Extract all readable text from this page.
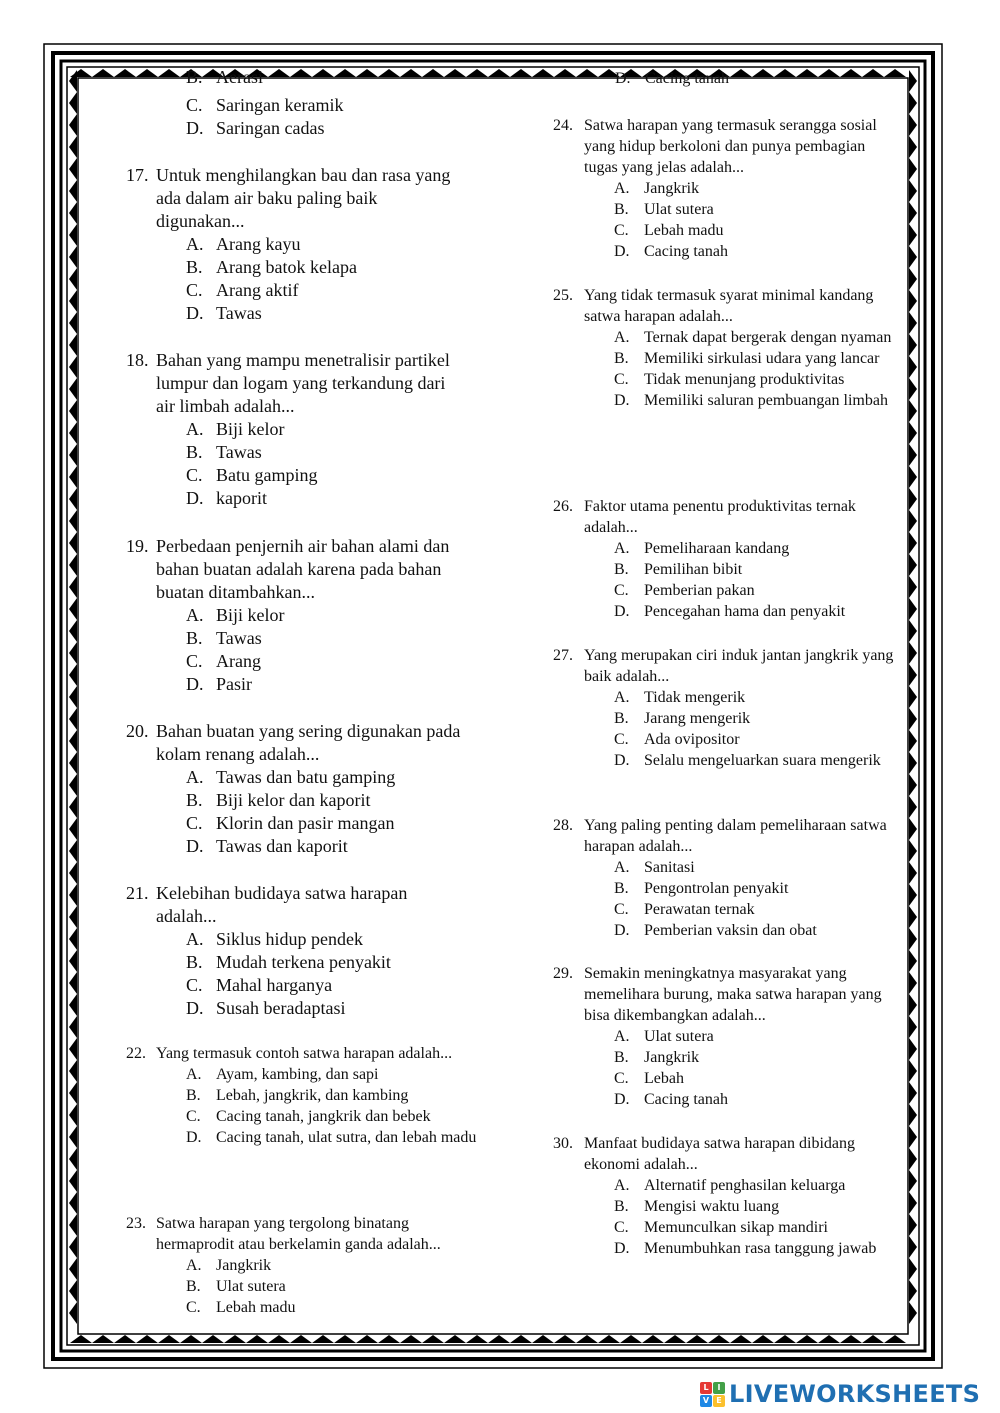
B. Aerasi	D. Cacing tanah
C. Saringan keramik
D. Saringan cadas
17. Untuk menghilangkan bau dan rasa yang ada dalam air baku paling baik digunakan...
A. Arang kayu
B. Arang batok kelapa
C. Arang aktif
D. Tawas
18. Bahan yang mampu menetralisir partikel lumpur dan logam yang terkandung dari air limbah adalah...
A. Biji kelor
B. Tawas
C. Batu gamping
D. kaporit
19. Perbedaan penjernih air bahan alami dan bahan buatan adalah karena pada bahan buatan ditambahkan...
A. Biji kelor
B. Tawas
C. Arang
D. Pasir
20. Bahan buatan yang sering digunakan pada kolam renang adalah...
A. Tawas dan batu gamping
B. Biji kelor dan kaporit
C. Klorin dan pasir mangan
D. Tawas dan kaporit
21. Kelebihan budidaya satwa harapan adalah...
A. Siklus hidup pendek
B. Mudah terkena penyakit
C. Mahal harganya
D. Susah beradaptasi
22. Yang termasuk contoh satwa harapan adalah...
A. Ayam, kambing, dan sapi
B. Lebah, jangkrik, dan kambing
C. Cacing tanah, jangkrik dan bebek
D. Cacing tanah, ulat sutra, dan lebah madu
23. Satwa harapan yang tergolong binatang hermaprodit atau berkelamin ganda adalah...
A. Jangkrik
B. Ulat sutera
C. Lebah madu
24. Satwa harapan yang termasuk serangga sosial yang hidup berkoloni dan punya pembagian tugas yang jelas adalah...
A. Jangkrik
B. Ulat sutera
C. Lebah madu
D. Cacing tanah
25. Yang tidak termasuk syarat minimal kandang satwa harapan adalah...
A. Ternak dapat bergerak dengan nyaman
B. Memiliki sirkulasi udara yang lancar
C. Tidak menunjang produktivitas
D. Memiliki saluran pembuangan limbah
26. Faktor utama penentu produktivitas ternak adalah...
A. Pemeliharaan kandang
B. Pemilihan bibit
C. Pemberian pakan
D. Pencegahan hama dan penyakit
27. Yang merupakan ciri induk jantan jangkrik yang baik adalah...
A. Tidak mengerik
B. Jarang mengerik
C. Ada ovipositor
D. Selalu mengeluarkan suara mengerik
28. Yang paling penting dalam pemeliharaan satwa harapan adalah...
A. Sanitasi
B. Pengontrolan penyakit
C. Perawatan ternak
D. Pemberian vaksin dan obat
29. Semakin meningkatnya masyarakat yang memelihara burung, maka satwa harapan yang bisa dikembangkan adalah...
A. Ulat sutera
B. Jangkrik
C. Lebah
D. Cacing tanah
30. Manfaat budidaya satwa harapan dibidang ekonomi adalah...
A. Alternatif penghasilan keluarga
B. Mengisi waktu luang
C. Memunculkan sikap mandiri
D. Menumbuhkan rasa tanggung jawab
L	I
V E LIVEWORKSHEETS
